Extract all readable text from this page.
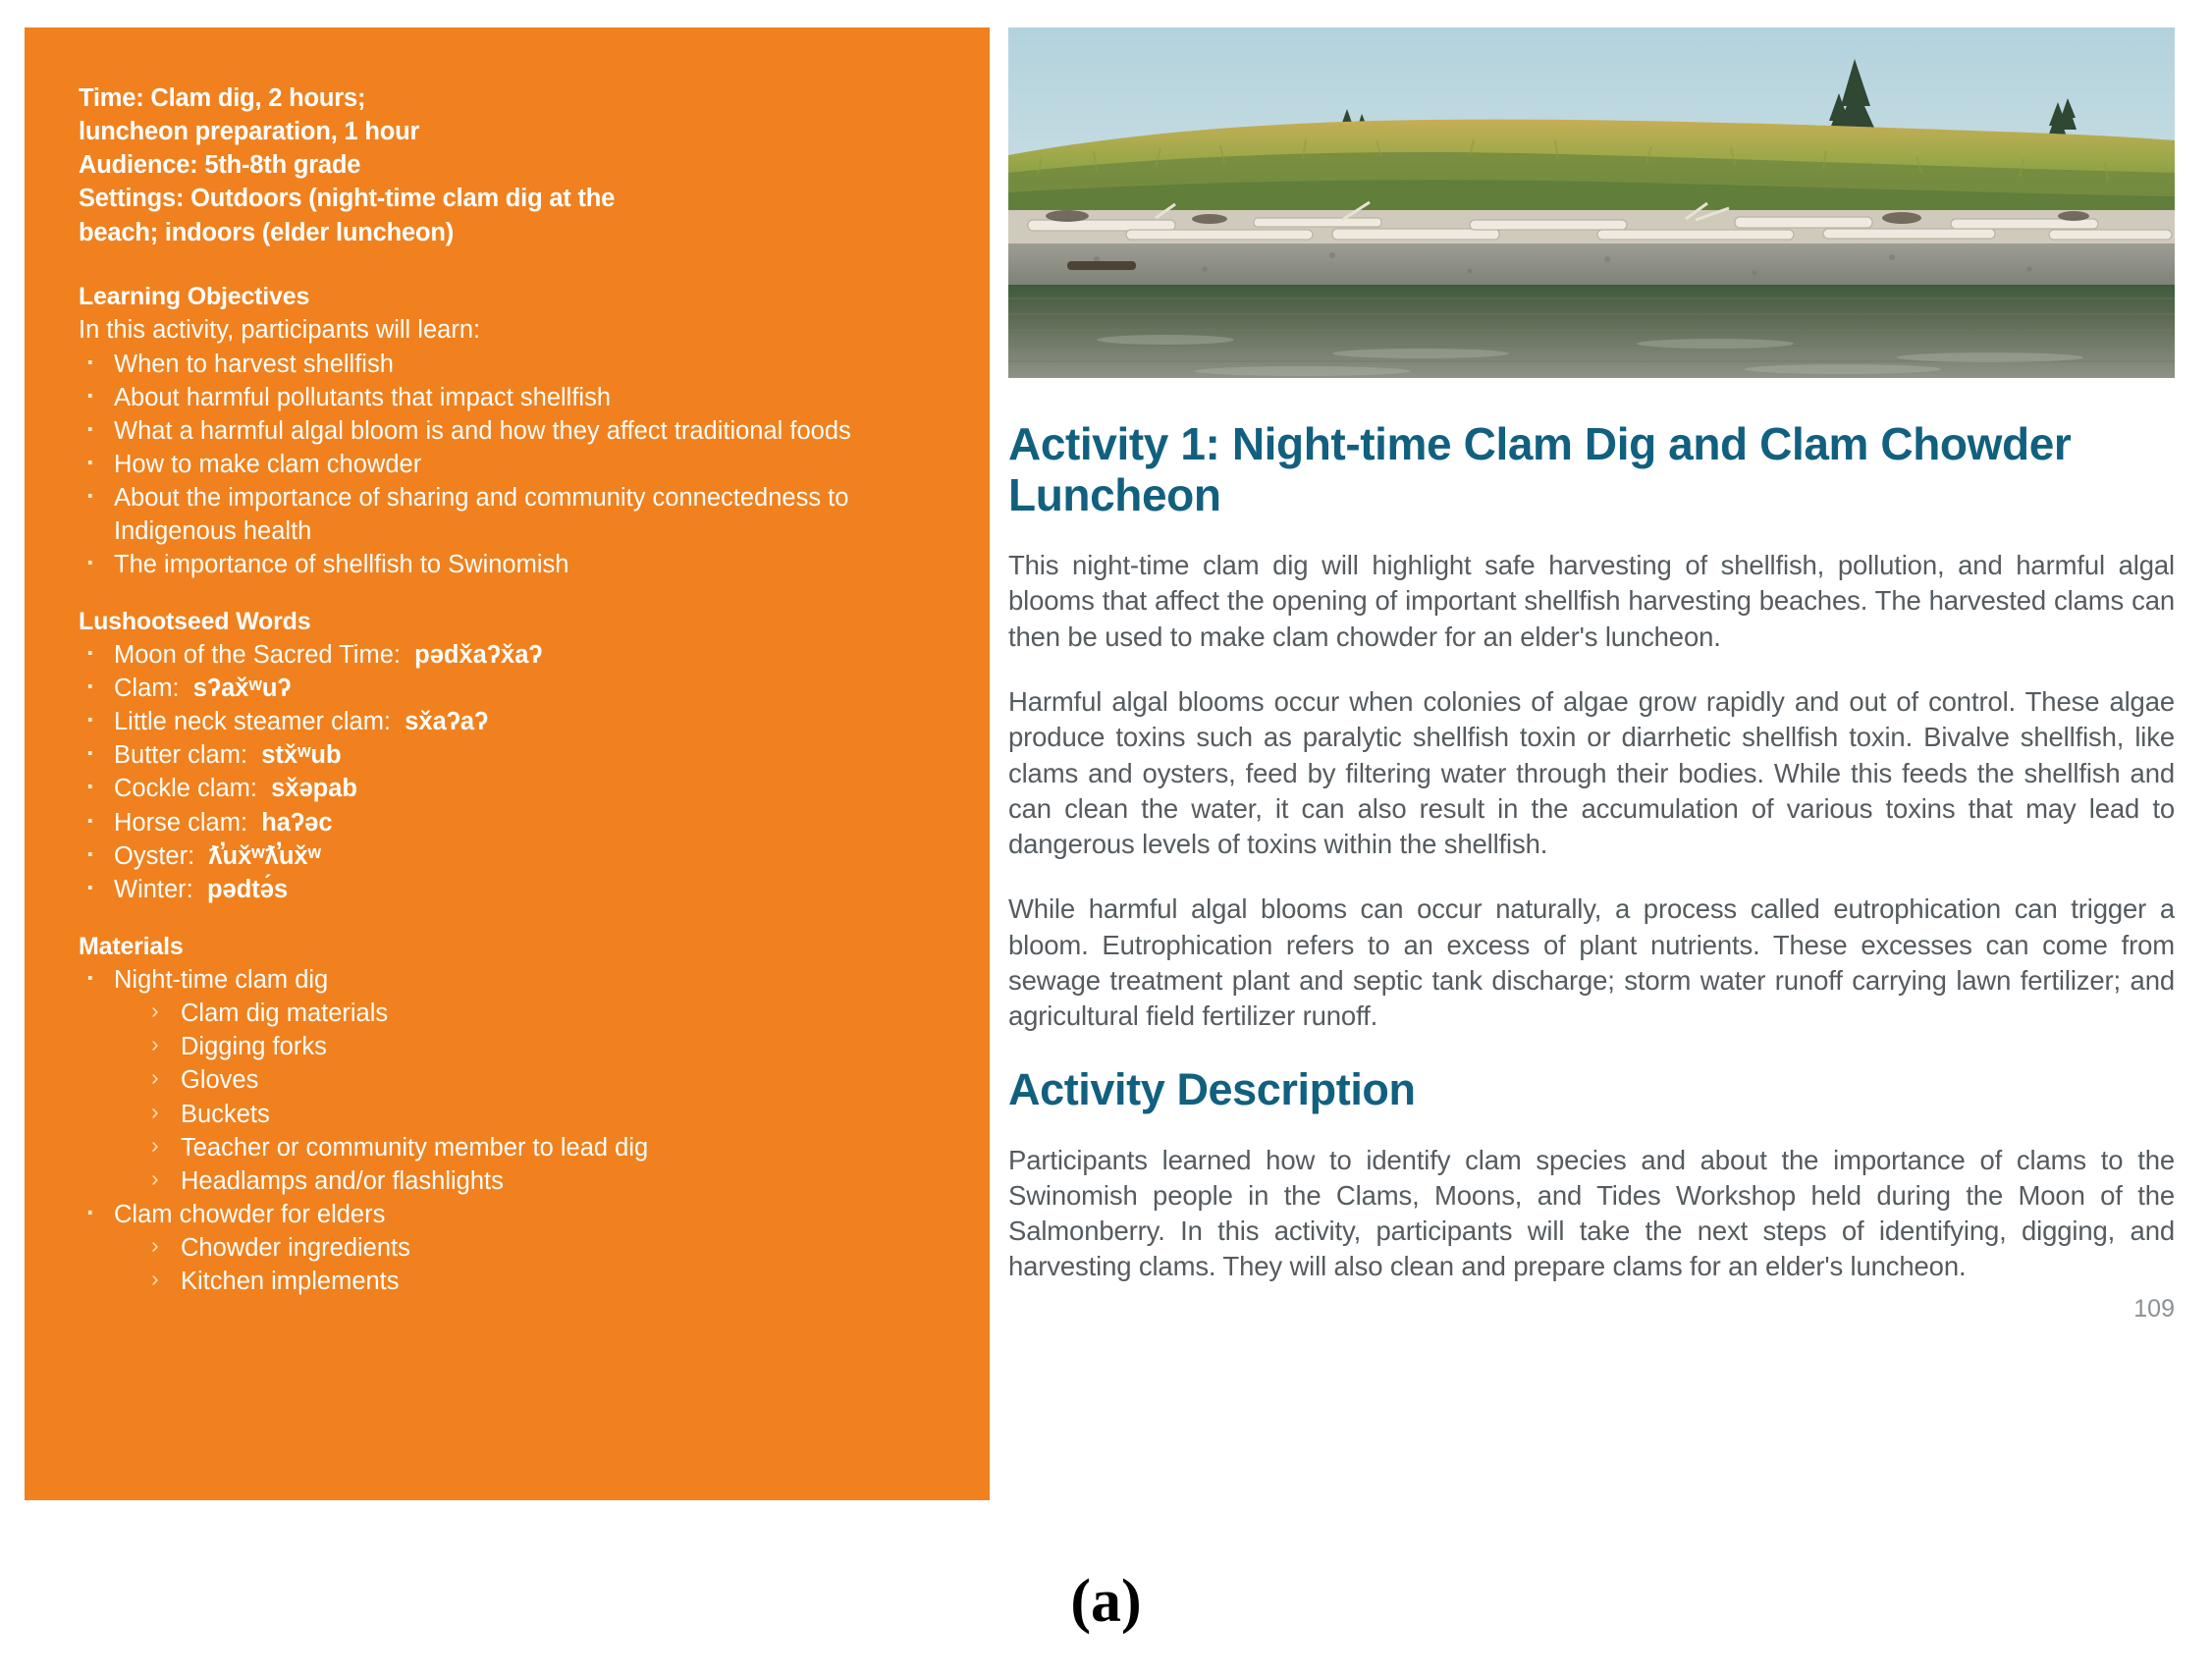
Time: Clam dig, 2 hours;
luncheon preparation, 1 hour
Audience: 5th-8th grade
Settings: Outdoors (night-time clam dig at the
beach; indoors (elder luncheon)
Learning Objectives
In this activity, participants will learn:
· When to harvest shellfish
· About harmful pollutants that impact shellfish
· What a harmful algal bloom is and how they affect traditional foods
· How to make clam chowder
· About the importance of sharing and community connectedness to Indigenous health
· The importance of shellfish to Swinomish
Lushootseed Words
· Moon of the Sacred Time: pədx̌aʔx̌aʔ
· Clam: sʔax̌ʷuʔ
· Little neck steamer clam: sx̌aʔaʔ
· Butter clam: stx̌ʷub
· Cockle clam: sx̌əpab
· Horse clam: haʔəc
· Oyster: ƛ̕ux̌ʷƛ̕ux̌ʷ
· Winter: pədtə́s
Materials
· Night-time clam dig
› Clam dig materials
› Digging forks
› Gloves
› Buckets
› Teacher or community member to lead dig
› Headlamps and/or flashlights
· Clam chowder for elders
› Chowder ingredients
› Kitchen implements
Activity 1: Night-time Clam Dig and Clam Chowder Luncheon

This night-time clam dig will highlight safe harvesting of shellfish, pollution, and harmful algal blooms that affect the opening of important shellfish harvesting beaches. The harvested clams can then be used to make clam chowder for an elder's luncheon.

Harmful algal blooms occur when colonies of algae grow rapidly and out of control. These algae produce toxins such as paralytic shellfish toxin or diarrhetic shellfish toxin. Bivalve shellfish, like clams and oysters, feed by filtering water through their bodies. While this feeds the shellfish and can clean the water, it can also result in the accumulation of various toxins that may lead to dangerous levels of toxins within the shellfish.

While harmful algal blooms can occur naturally, a process called eutrophication can trigger a bloom. Eutrophication refers to an excess of plant nutrients. These excesses can come from sewage treatment plant and septic tank discharge; storm water runoff carrying lawn fertilizer; and agricultural field fertilizer runoff.

Activity Description

Participants learned how to identify clam species and about the importance of clams to the Swinomish people in the Clams, Moons, and Tides Workshop held during the Moon of the Salmonberry. In this activity, participants will take the next steps of identifying, digging, and harvesting clams. They will also clean and prepare clams for an elder's luncheon.

109
(a)
